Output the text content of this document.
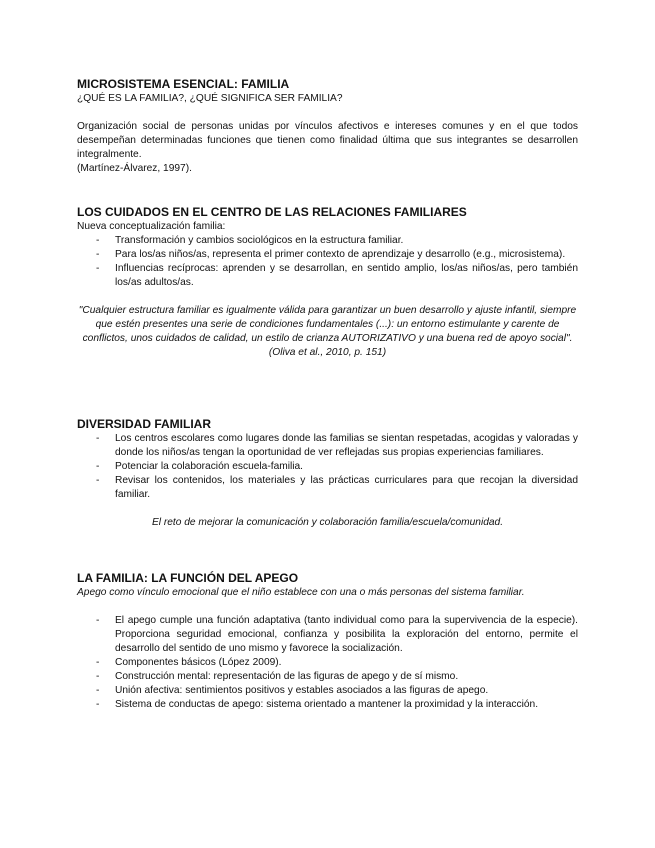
MICROSISTEMA ESENCIAL: FAMILIA

¿QUÉ ES LA FAMILIA?, ¿QUÉ SIGNIFICA SER FAMILIA?

Organización social de personas unidas por vínculos afectivos e intereses comunes y en el que todos desempeñan determinadas funciones que tienen como finalidad última que sus integrantes se desarrollen integralmente.

(Martínez-Álvarez, 1997).

LOS CUIDADOS EN EL CENTRO DE LAS RELACIONES FAMILIARES

Nueva conceptualización familia:

- Transformación y cambios sociológicos en la estructura familiar.
- Para los/as niños/as, representa el primer contexto de aprendizaje y desarrollo (e.g., microsistema).
- Influencias recíprocas: aprenden y se desarrollan, en sentido amplio, los/as niños/as, pero también los/as adultos/as.

"Cualquier estructura familiar es igualmente válida para garantizar un buen desarrollo y ajuste infantil, siempre que estén presentes una serie de condiciones fundamentales (...): un entorno estimulante y carente de conflictos, unos cuidados de calidad, un estilo de crianza AUTORIZATIVO y una buena red de apoyo social".

(Oliva et al., 2010, p. 151)

DIVERSIDAD FAMILIAR
- Los centros escolares como lugares donde las familias se sientan respetadas, acogidas y valoradas y donde los niños/as tengan la oportunidad de ver reflejadas sus propias experiencias familiares.
- Potenciar la colaboración escuela-familia.
- Revisar los contenidos, los materiales y las prácticas curriculares para que recojan la diversidad familiar.

El reto de mejorar la comunicación y colaboración familia/escuela/comunidad.

LA FAMILIA: LA FUNCIÓN DEL APEGO

Apego como vínculo emocional que el niño establece con una o más personas del sistema familiar.

- El apego cumple una función adaptativa (tanto individual como para la supervivencia de la especie). Proporciona seguridad emocional, confianza y posibilita la exploración del entorno, permite el desarrollo del sentido de uno mismo y favorece la socialización.
- Componentes básicos (López 2009).
- Construcción mental: representación de las figuras de apego y de sí mismo.
- Unión afectiva: sentimientos positivos y estables asociados a las figuras de apego.
- Sistema de conductas de apego: sistema orientado a mantener la proximidad y la interacción.
